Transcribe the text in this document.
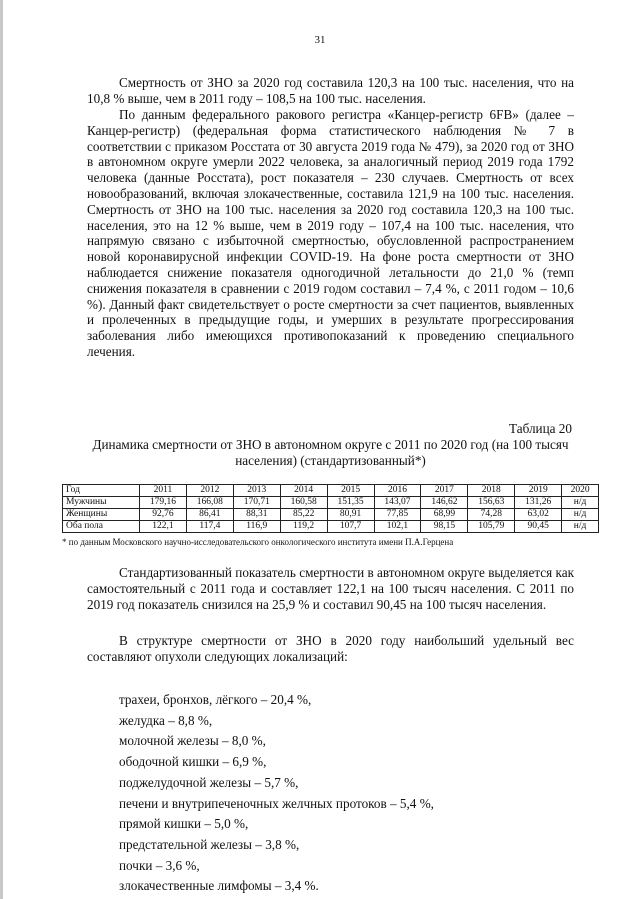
31

Смертность от ЗНО за 2020 год составила 120,3 на 100 тыс. населения, что на 10,8 % выше, чем в 2011 году – 108,5 на 100 тыс. населения.

По данным федерального ракового регистра «Канцер-регистр 6FB» (далее – Канцер-регистр) (федеральная форма статистического наблюдения № 7 в соответствии с приказом Росстата от 30 августа 2019 года № 479), за 2020 год от ЗНО в автономном округе умерли 2022 человека, за аналогичный период 2019 года 1792 человека (данные Росстата), рост показателя – 230 случаев. Смертность от всех новообразований, включая злокачественные, составила 121,9 на 100 тыс. населения. Смертность от ЗНО на 100 тыс. населения за 2020 год составила 120,3 на 100 тыс. населения, это на 12 % выше, чем в 2019 году – 107,4 на 100 тыс. населения, что напрямую связано с избыточной смертностью, обусловленной распространением новой коронавирусной инфекции COVID-19. На фоне роста смертности от ЗНО наблюдается снижение показателя одногодичной летальности до 21,0 % (темп снижения показателя в сравнении с 2019 годом составил – 7,4 %, с 2011 годом – 10,6 %). Данный факт свидетельствует о росте смертности за счет пациентов, выявленных и пролеченных в предыдущие годы, и умерших в результате прогрессирования заболевания либо имеющихся противопоказаний к проведению специального лечения.

Таблица 20
Динамика смертности от ЗНО в автономном округе с 2011 по 2020 год (на 100 тысяч населения) (стандартизованный*)
Год	2011	2012	2013	2014	2015	2016	2017	2018	2019	2020
Мужчины	179,16	166,08	170,71	160,58	151,35	143,07	146,62	156,63	131,26	н/д
Женщины	92,76	86,41	88,31	85,22	80,91	77,85	68,99	74,28	63,02	н/д
Оба пола	122,1	117,4	116,9	119,2	107,7	102,1	98,15	105,79	90,45	н/д
* по данным Московского научно-исследовательского онкологического института имени П.А.Герцена

Стандартизованный показатель смертности в автономном округе выделяется как самостоятельный с 2011 года и составляет 122,1 на 100 тысяч населения. С 2011 по 2019 год показатель снизился на 25,9 % и составил 90,45 на 100 тысяч населения.

В структуре смертности от ЗНО в 2020 году наибольший удельный вес составляют опухоли следующих локализаций:

трахеи, бронхов, лёгкого – 20,4 %,
желудка – 8,8 %,
молочной железы – 8,0 %,
ободочной кишки – 6,9 %,
поджелудочной железы – 5,7 %,
печени и внутрипеченочных желчных протоков – 5,4 %,
прямой кишки – 5,0 %,
предстательной железы – 3,8 %,
почки – 3,6 %,
злокачественные лимфомы – 3,4 %.
